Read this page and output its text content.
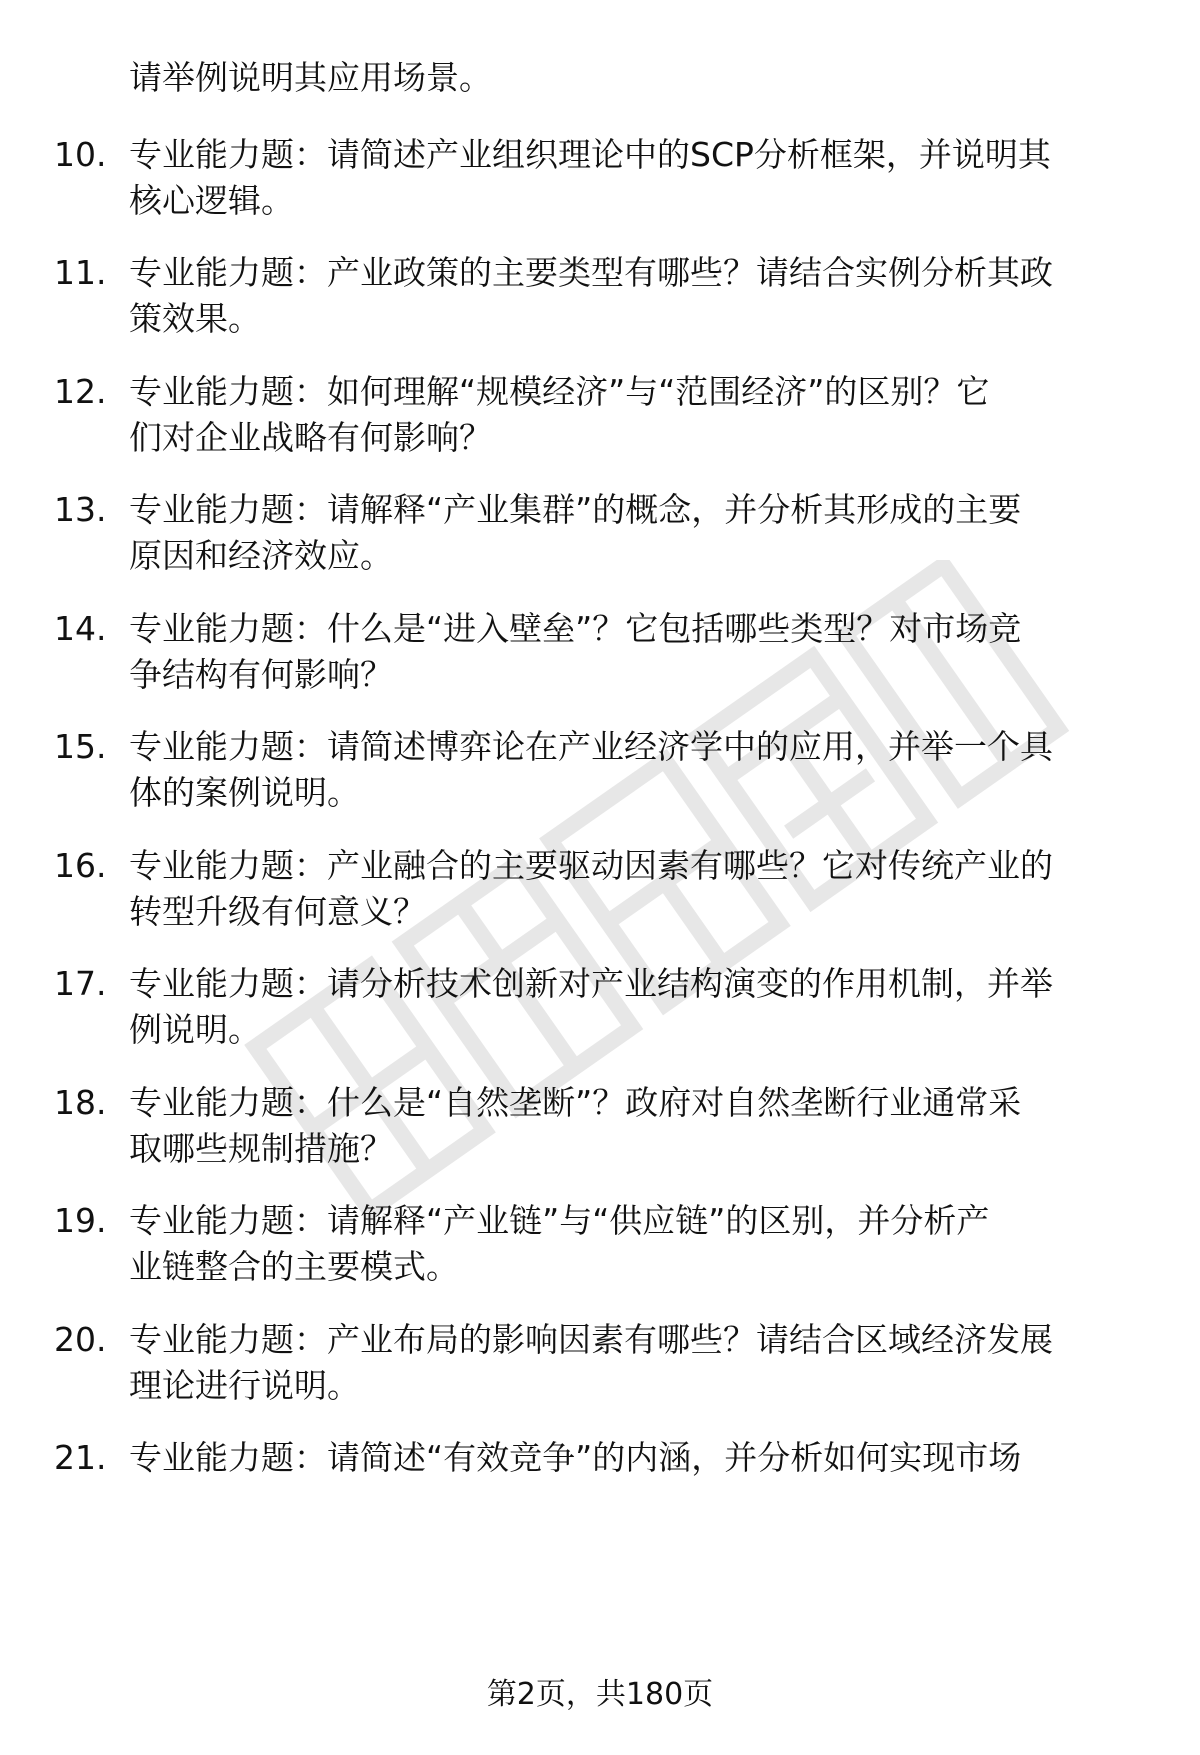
请举例说明其应用场景。

10. 专业能力题：请简述产业组织理论中的SCP分析框架，并说明其
核心逻辑。
11. 专业能力题：产业政策的主要类型有哪些？请结合实例分析其政
策效果。
12. 专业能力题：如何理解“规模经济”与“范围经济”的区别？它
们对企业战略有何影响？
13. 专业能力题：请解释“产业集群”的概念，并分析其形成的主要
原因和经济效应。
14. 专业能力题：什么是“进入壁垒”？它包括哪些类型？对市场竞
争结构有何影响？
15. 专业能力题：请简述博弈论在产业经济学中的应用，并举一个具
体的案例说明。
16. 专业能力题：产业融合的主要驱动因素有哪些？它对传统产业的
转型升级有何意义？
17. 专业能力题：请分析技术创新对产业结构演变的作用机制，并举
例说明。
18. 专业能力题：什么是“自然垄断”？政府对自然垄断行业通常采
取哪些规制措施？
19. 专业能力题：请解释“产业链”与“供应链”的区别，并分析产
业链整合的主要模式。
20. 专业能力题：产业布局的影响因素有哪些？请结合区域经济发展
理论进行说明。
21. 专业能力题：请简述“有效竞争”的内涵，并分析如何实现市场
第2页，共180页
